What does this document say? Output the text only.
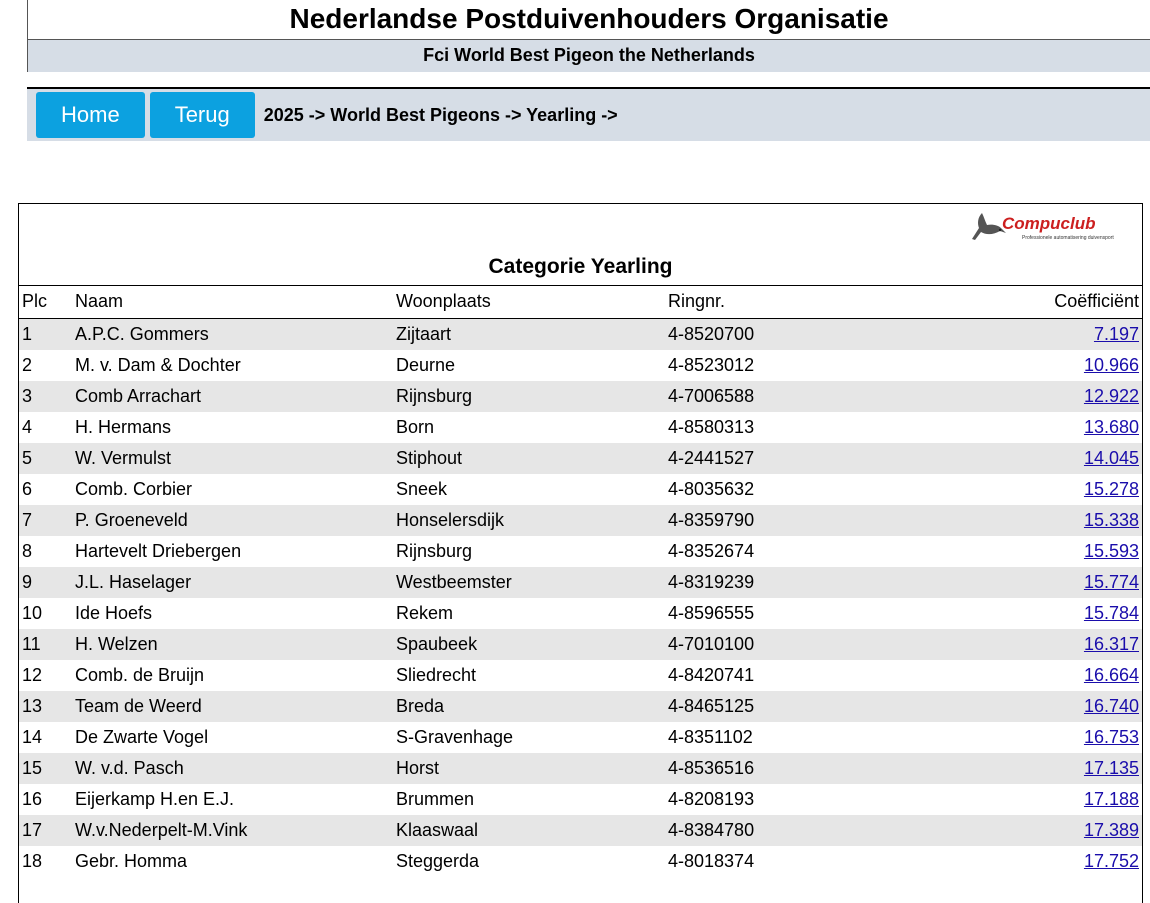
Nederlandse Postduivenhouders Organisatie
Fci World Best Pigeon the Netherlands
Home	Terug	2025 -> World Best Pigeons -> Yearling ->
Compuclub
Professionele automatisering duivensport
Categorie Yearling
Plc Naam	Woonplaats	Ringnr.	Coëfficiënt
1 A.P.C. Gommers	Zijtaart	4-8520700	7.197
2 M. v. Dam & Dochter	Deurne	4-8523012	10.966
3 Comb Arrachart	Rijnsburg	4-7006588	12.922
4 H. Hermans	Born	4-8580313	13.680
5 W. Vermulst	Stiphout	4-2441527	14.045
6 Comb. Corbier	Sneek	4-8035632	15.278
7 P. Groeneveld	Honselersdijk	4-8359790	15.338
8 Hartevelt Driebergen	Rijnsburg	4-8352674	15.593
9 J.L. Haselager	Westbeemster	4-8319239	15.774
10 Ide Hoefs	Rekem	4-8596555	15.784
11 H. Welzen	Spaubeek	4-7010100	16.317
12 Comb. de Bruijn	Sliedrecht	4-8420741	16.664
13 Team de Weerd	Breda	4-8465125	16.740
14 De Zwarte Vogel	S-Gravenhage	4-8351102	16.753
15 W. v.d. Pasch	Horst	4-8536516	17.135
16 Eijerkamp H.en E.J.	Brummen	4-8208193	17.188
17 W.v.Nederpelt-M.Vink	Klaaswaal	4-8384780	17.389
18 Gebr. Homma	Steggerda	4-8018374	17.752
